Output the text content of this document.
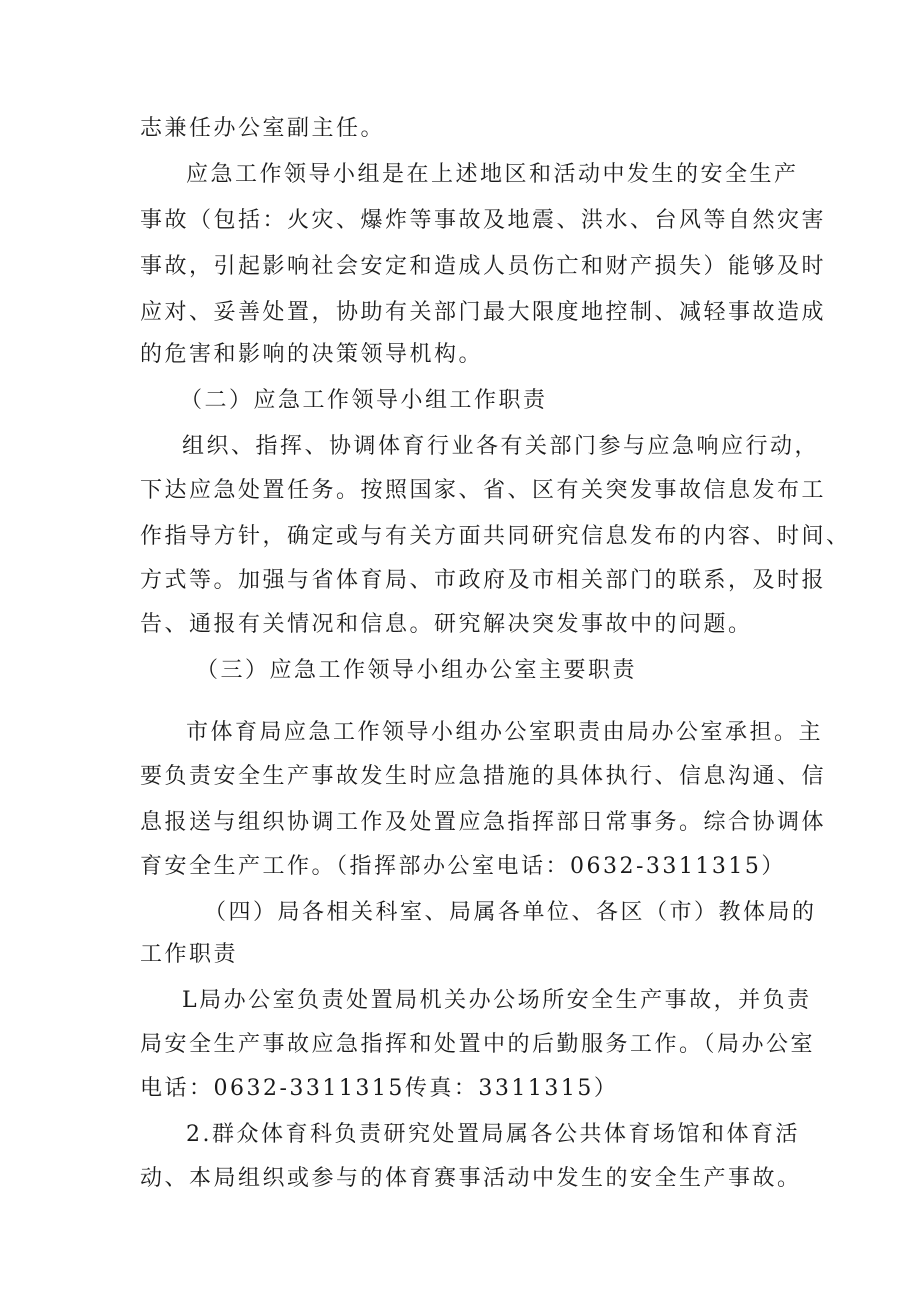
志兼任办公室副主任。
应急工作领导小组是在上述地区和活动中发生的安全生产
事故（包括：火灾、爆炸等事故及地震、洪水、台风等自然灾害
事故，引起影响社会安定和造成人员伤亡和财产损失）能够及时
应对、妥善处置，协助有关部门最大限度地控制、减轻事故造成
的危害和影响的决策领导机构。
（二）应急工作领导小组工作职责
组织、指挥、协调体育行业各有关部门参与应急响应行动，
下达应急处置任务。按照国家、省、区有关突发事故信息发布工
作指导方针，确定或与有关方面共同研究信息发布的内容、时间、
方式等。加强与省体育局、市政府及市相关部门的联系，及时报
告、通报有关情况和信息。研究解决突发事故中的问题。
（三）应急工作领导小组办公室主要职责
市体育局应急工作领导小组办公室职责由局办公室承担。主
要负责安全生产事故发生时应急措施的具体执行、信息沟通、信
息报送与组织协调工作及处置应急指挥部日常事务。综合协调体
育安全生产工作。（指挥部办公室电话：0632-3311315）
（四）局各相关科室、局属各单位、各区（市）教体局的
工作职责
L局办公室负责处置局机关办公场所安全生产事故，并负责
局安全生产事故应急指挥和处置中的后勤服务工作。（局办公室
电话：0632-3311315传真：3311315）
2.群众体育科负责研究处置局属各公共体育场馆和体育活
动、本局组织或参与的体育赛事活动中发生的安全生产事故。
